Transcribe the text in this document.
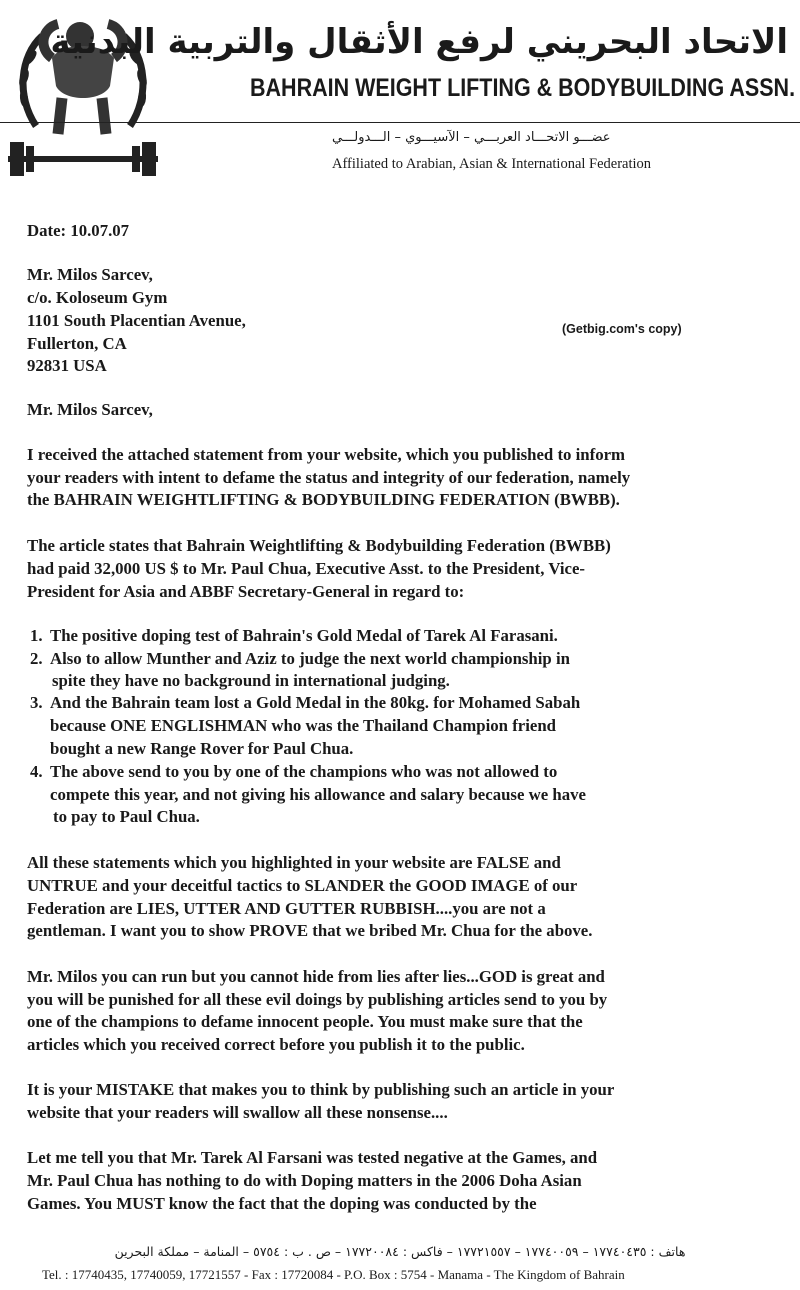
الاتحاد البحريني لرفع الأثقال والتربية البدنية
BAHRAIN WEIGHT LIFTING & BODYBUILDING ASSN.
عضـــو الاتحـــاد العربـــي – الآسيـــوي – الـــدولـــي
Affiliated to Arabian, Asian & International Federation
(Getbig.com's copy)
Date: 10.07.07
Mr. Milos Sarcev,
c/o. Koloseum Gym
1101 South Placentian Avenue,
Fullerton, CA
92831 USA
Mr. Milos Sarcev,
I received the attached statement from your website, which you published to inform
your readers with intent to defame the status and integrity of our federation, namely
the BAHRAIN WEIGHTLIFTING & BODYBUILDING FEDERATION (BWBB).
The article states that Bahrain Weightlifting & Bodybuilding Federation (BWBB)
had paid 32,000 US $ to Mr. Paul Chua, Executive Asst. to the President, Vice-
President for Asia and ABBF Secretary-General in regard to:
1. The positive doping test of Bahrain's Gold Medal of Tarek Al Farasani.
2. Also to allow Munther and Aziz to judge the next world championship in
spite they have no background in international judging.
3. And the Bahrain team lost a Gold Medal in the 80kg. for Mohamed Sabah
because ONE ENGLISHMAN who was the Thailand Champion friend
bought a new Range Rover for Paul Chua.
4. The above send to you by one of the champions who was not allowed to
compete this year, and not giving his allowance and salary because we have
to pay to Paul Chua.
All these statements which you highlighted in your website are FALSE and
UNTRUE and your deceitful tactics to SLANDER the GOOD IMAGE of our
Federation are LIES, UTTER AND GUTTER RUBBISH....you are not a
gentleman. I want you to show PROVE that we bribed Mr. Chua for the above.
Mr. Milos you can run but you cannot hide from lies after lies...GOD is great and
you will be punished for all these evil doings by publishing articles send to you by
one of the champions to defame innocent people. You must make sure that the
articles which you received correct before you publish it to the public.
It is your MISTAKE that makes you to think by publishing such an article in your
website that your readers will swallow all these nonsense....
Let me tell you that Mr. Tarek Al Farsani was tested negative at the Games, and
Mr. Paul Chua has nothing to do with Doping matters in the 2006 Doha Asian
Games. You MUST know the fact that the doping was conducted by the
هاتف : ١٧٧٤٠٤٣٥ – ١٧٧٤٠٠٥٩ – ١٧٧٢١٥٥٧ – فاكس : ١٧٧٢٠٠٨٤ – ص . ب : ٥٧٥٤ – المنامة – مملكة البحرين
Tel. : 17740435, 17740059, 17721557 - Fax : 17720084 - P.O. Box : 5754 - Manama - The Kingdom of Bahrain
